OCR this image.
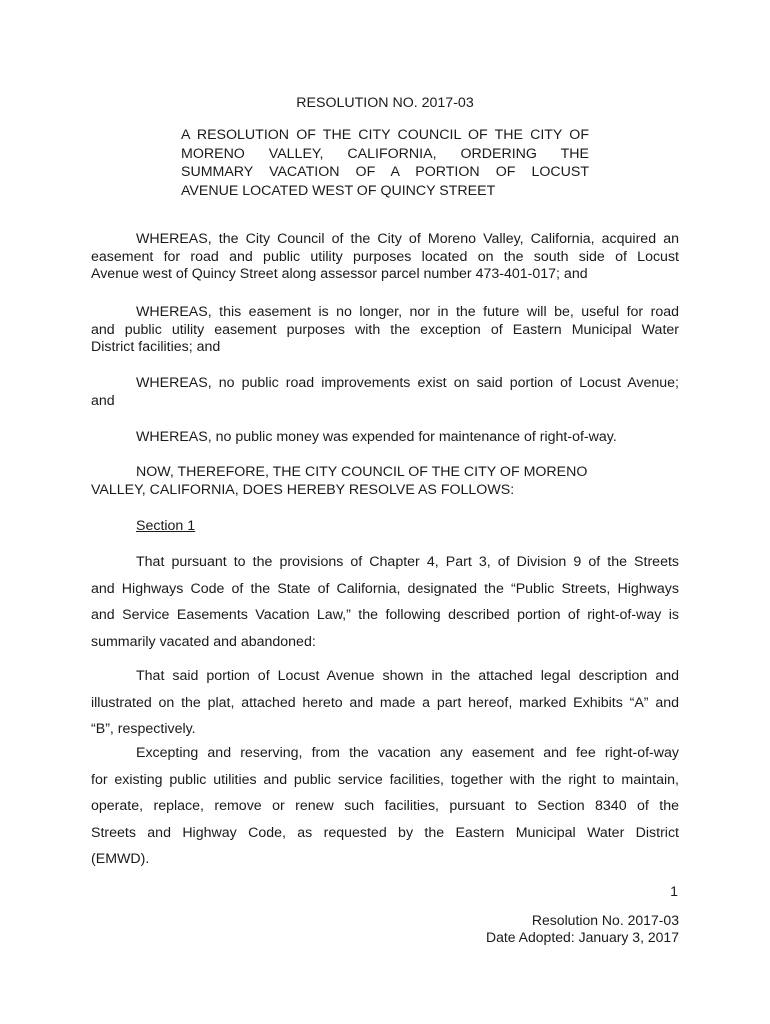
RESOLUTION NO. 2017-03
A RESOLUTION OF THE CITY COUNCIL OF THE CITY OF
MORENO VALLEY, CALIFORNIA, ORDERING THE
SUMMARY VACATION OF A PORTION OF LOCUST
AVENUE LOCATED WEST OF QUINCY STREET
WHEREAS, the City Council of the City of Moreno Valley, California, acquired an
easement for road and public utility purposes located on the south side of Locust
Avenue west of Quincy Street along assessor parcel number 473-401-017; and
WHEREAS, this easement is no longer, nor in the future will be, useful for road
and public utility easement purposes with the exception of Eastern Municipal Water
District facilities; and
WHEREAS, no public road improvements exist on said portion of Locust Avenue;
and
WHEREAS, no public money was expended for maintenance of right-of-way.
NOW, THEREFORE, THE CITY COUNCIL OF THE CITY OF MORENO
VALLEY, CALIFORNIA, DOES HEREBY RESOLVE AS FOLLOWS:
Section 1
That pursuant to the provisions of Chapter 4, Part 3, of Division 9 of the Streets
and Highways Code of the State of California, designated the “Public Streets, Highways
and Service Easements Vacation Law,” the following described portion of right-of-way is
summarily vacated and abandoned:
That said portion of Locust Avenue shown in the attached legal description and
illustrated on the plat, attached hereto and made a part hereof, marked Exhibits “A” and
“B”, respectively.
Excepting and reserving, from the vacation any easement and fee right-of-way
for existing public utilities and public service facilities, together with the right to maintain,
operate, replace, remove or renew such facilities, pursuant to Section 8340 of the
Streets and Highway Code, as requested by the Eastern Municipal Water District
(EMWD).
1
Resolution No. 2017-03
Date Adopted: January 3, 2017
